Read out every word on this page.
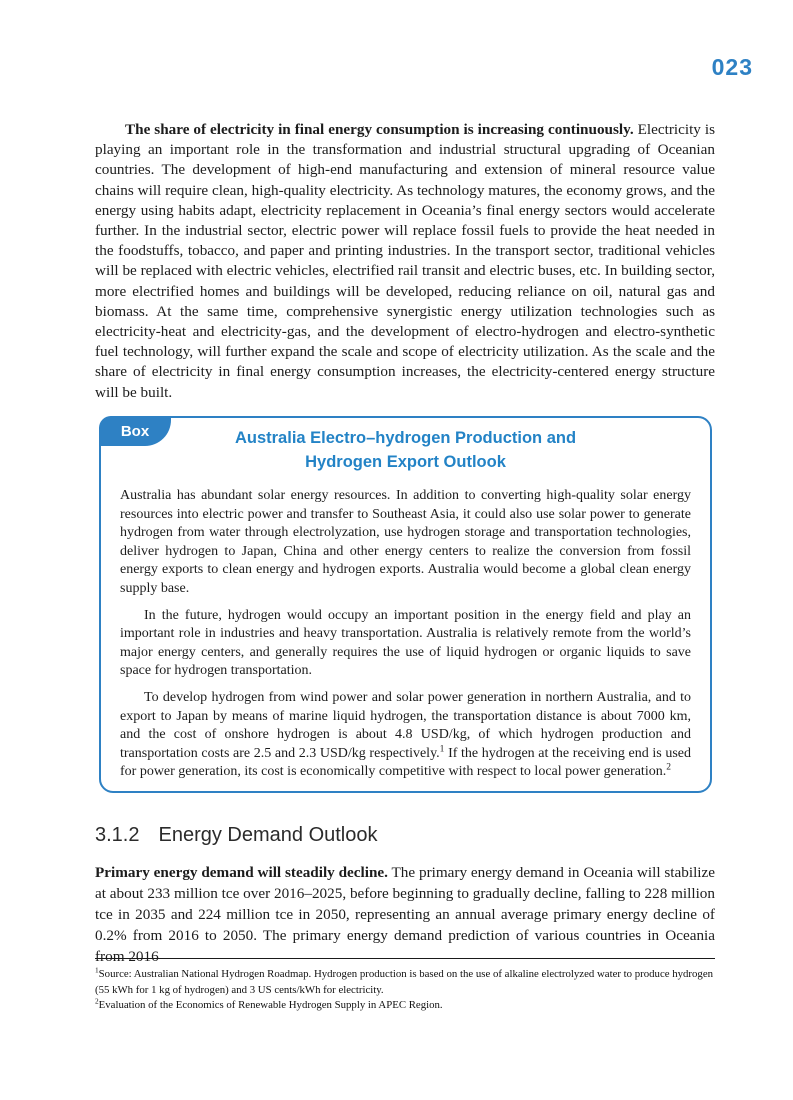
023

The share of electricity in final energy consumption is increasing continuously. Electricity is playing an important role in the transformation and industrial structural upgrading of Oceanian countries. The development of high-end manufacturing and extension of mineral resource value chains will require clean, high-quality electricity. As technology matures, the economy grows, and the energy using habits adapt, electricity replacement in Oceania’s final energy sectors would accelerate further. In the industrial sector, electric power will replace fossil fuels to provide the heat needed in the foodstuffs, tobacco, and paper and printing industries. In the transport sector, traditional vehicles will be replaced with electric vehicles, electrified rail transit and electric buses, etc. In building sector, more electrified homes and buildings will be developed, reducing reliance on oil, natural gas and biomass. At the same time, comprehensive synergistic energy utilization technologies such as electricity-heat and electricity-gas, and the development of electro-hydrogen and electro-synthetic fuel technology, will further expand the scale and scope of electricity utilization. As the scale and the share of electricity in final energy consumption increases, the electricity-centered energy structure will be built.

Box	Australia Electro–hydrogen Production and
Hydrogen Export Outlook

Australia has abundant solar energy resources. In addition to converting high-quality solar energy resources into electric power and transfer to Southeast Asia, it could also use solar power to generate hydrogen from water through electrolyzation, use hydrogen storage and transportation technologies, deliver hydrogen to Japan, China and other energy centers to realize the conversion from fossil energy exports to clean energy and hydrogen exports. Australia would become a global clean energy supply base.

In the future, hydrogen would occupy an important position in the energy field and play an important role in industries and heavy transportation. Australia is relatively remote from the world’s major energy centers, and generally requires the use of liquid hydrogen or organic liquids to save space for hydrogen transportation.

To develop hydrogen from wind power and solar power generation in northern Australia, and to export to Japan by means of marine liquid hydrogen, the transportation distance is about 7000 km, and the cost of onshore hydrogen is about 4.8 USD/kg, of which hydrogen production and transportation costs are 2.5 and 2.3 USD/kg respectively.$^1$ If the hydrogen at the receiving end is used for power generation, its cost is economically competitive with respect to local power generation.$^2$

3.1.2 Energy Demand Outlook

Primary energy demand will steadily decline. The primary energy demand in Oceania will stabilize at about 233 million tce over 2016–2025, before beginning to gradually decline, falling to 228 million tce in 2035 and 224 million tce in 2050, representing an annual average primary energy decline of 0.2% from 2016 to 2050. The primary energy demand prediction of various countries in Oceania from 2016

$^1$Source: Australian National Hydrogen Roadmap. Hydrogen production is based on the use of alkaline electrolyzed water to produce hydrogen (55 kWh for 1 kg of hydrogen) and 3 US cents/kWh for electricity.

$^2$Evaluation of the Economics of Renewable Hydrogen Supply in APEC Region.
